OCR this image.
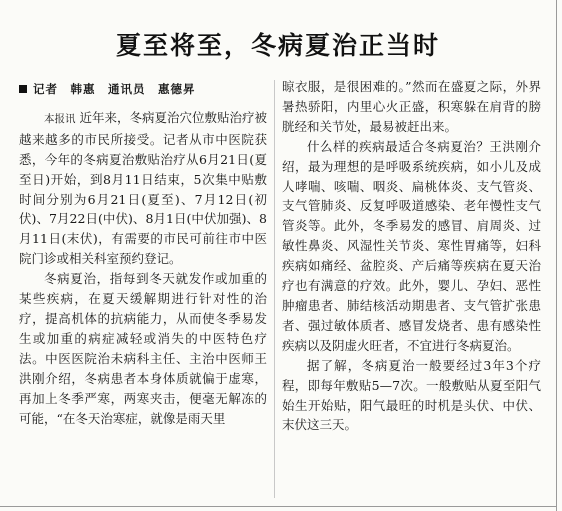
夏至将至，冬病夏治正当时
记者　韩惠　通讯员　惠德昇

本报讯 近年来，冬病夏治穴位敷贴治疗被越来越多的市民所接受。记者从市中医院获悉，今年的冬病夏治敷贴治疗从6月21日(夏至日)开始，到8月11日结束，5次集中贴敷时间分别为6月21日(夏至)、7月12日(初伏)、7月22日(中伏)、8月1日(中伏加强)、8月11日(末伏)，有需要的市民可前往市中医院门诊或相关科室预约登记。

冬病夏治，指每到冬天就发作或加重的某些疾病，在夏天缓解期进行针对性的治疗，提高机体的抗病能力，从而使冬季易发生或加重的病症减轻或消失的中医特色疗法。中医医院治未病科主任、主治中医师王洪刚介绍，冬病患者本身体质就偏于虚寒，再加上冬季严寒，两寒夹击，便毫无解冻的可能，“在冬天治寒症，就像是雨天里

晾衣服，是很困难的。”然而在盛夏之际，外界暑热骄阳，内里心火正盛，积寒躲在肩背的膀胱经和关节处，最易被赶出来。

什么样的疾病最适合冬病夏治？王洪刚介绍，最为理想的是呼吸系统疾病，如小儿及成人哮喘、咳喘、咽炎、扁桃体炎、支气管炎、支气管肺炎、反复呼吸道感染、老年慢性支气管炎等。此外，冬季易发的感冒、肩周炎、过敏性鼻炎、风湿性关节炎、寒性胃痛等，妇科疾病如痛经、盆腔炎、产后痛等疾病在夏天治疗也有满意的疗效。此外，婴儿、孕妇、恶性肿瘤患者、肺结核活动期患者、支气管扩张患者、强过敏体质者、感冒发烧者、患有感染性疾病以及阴虚火旺者，不宜进行冬病夏治。

据了解，冬病夏治一般要经过3年3个疗程，即每年敷贴5—7次。一般敷贴从夏至阳气始生开始贴，阳气最旺的时机是头伏、中伏、末伏这三天。
